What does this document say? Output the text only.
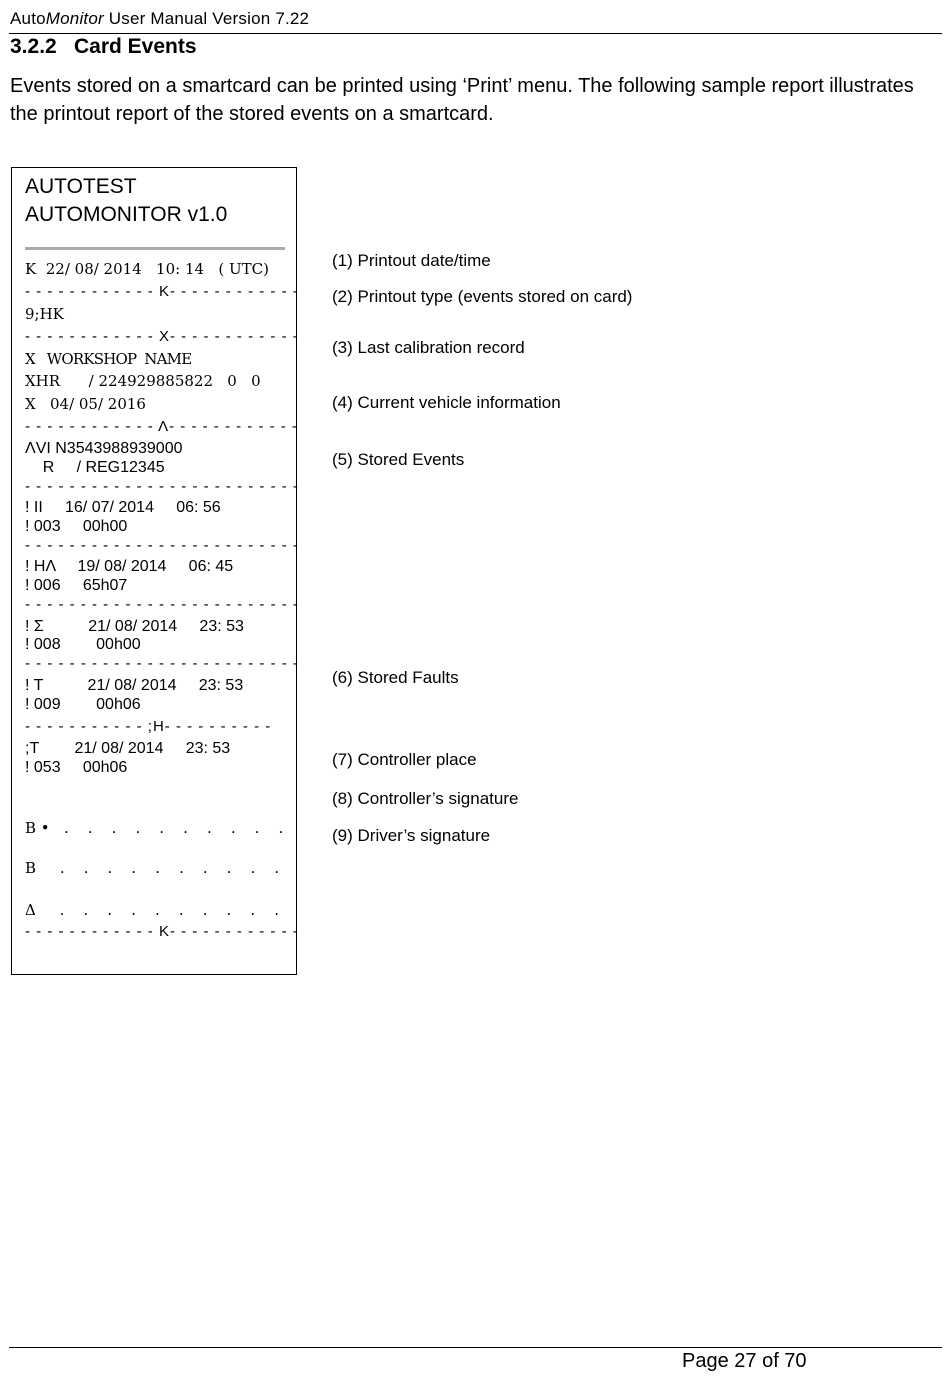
AutoMonitor User Manual Version 7.22
3.2.2 Card Events
Events stored on a smartcard can be printed using ‘Print’ menu. The following sample report illustrates the printout report of the stored events on a smartcard.
AUTOTEST
AUTOMONITOR v1.0
K  22/ 08/ 2014   10: 14   ( UTC)
- - - - - - - - - - - - K- - - - - - - - - - - -
9;HK
- - - - - - - - - - - - X- - - - - - - - - - - -
X   WORKSHOP  NAME
XHR      / 224929885822   0   0
X   04/ 05/ 2016
- - - - - - - - - - - - Λ- - - - - - - - - - - -
ΛVI N3543988939000
R     / REG12345
- - - - - - - - - - - - - - - - - - - - - - - - -
! II     16/ 07/ 2014     06: 56
! 003     00h00
- - - - - - - - - - - - - - - - - - - - - - - - -
! HΛ     19/ 08/ 2014     06: 45
! 006     65h07
- - - - - - - - - - - - - - - - - - - - - - - - -
! Σ          21/ 08/ 2014     23: 53
! 008        00h00
- - - - - - - - - - - - - - - - - - - - - - - - -
! T          21/ 08/ 2014     23: 53
! 009        00h06
- - - - - - - - - - - ;H- - - - - - - - - -
;T        21/ 08/ 2014     23: 53
! 053     00h06
B •   .    .    .    .    .    .    .    .    .    .
B     .    .    .    .    .    .    .    .    .    .
Δ     .    .    .    .    .    .    .    .    .    .
- - - - - - - - - - - - K- - - - - - - - - - - -
(1) Printout date/time
(2) Printout type (events stored on card)
(3) Last calibration record
(4) Current vehicle information
(5) Stored Events
(6) Stored Faults
(7) Controller place
(8) Controller’s signature
(9) Driver’s signature
Page 27 of 70
